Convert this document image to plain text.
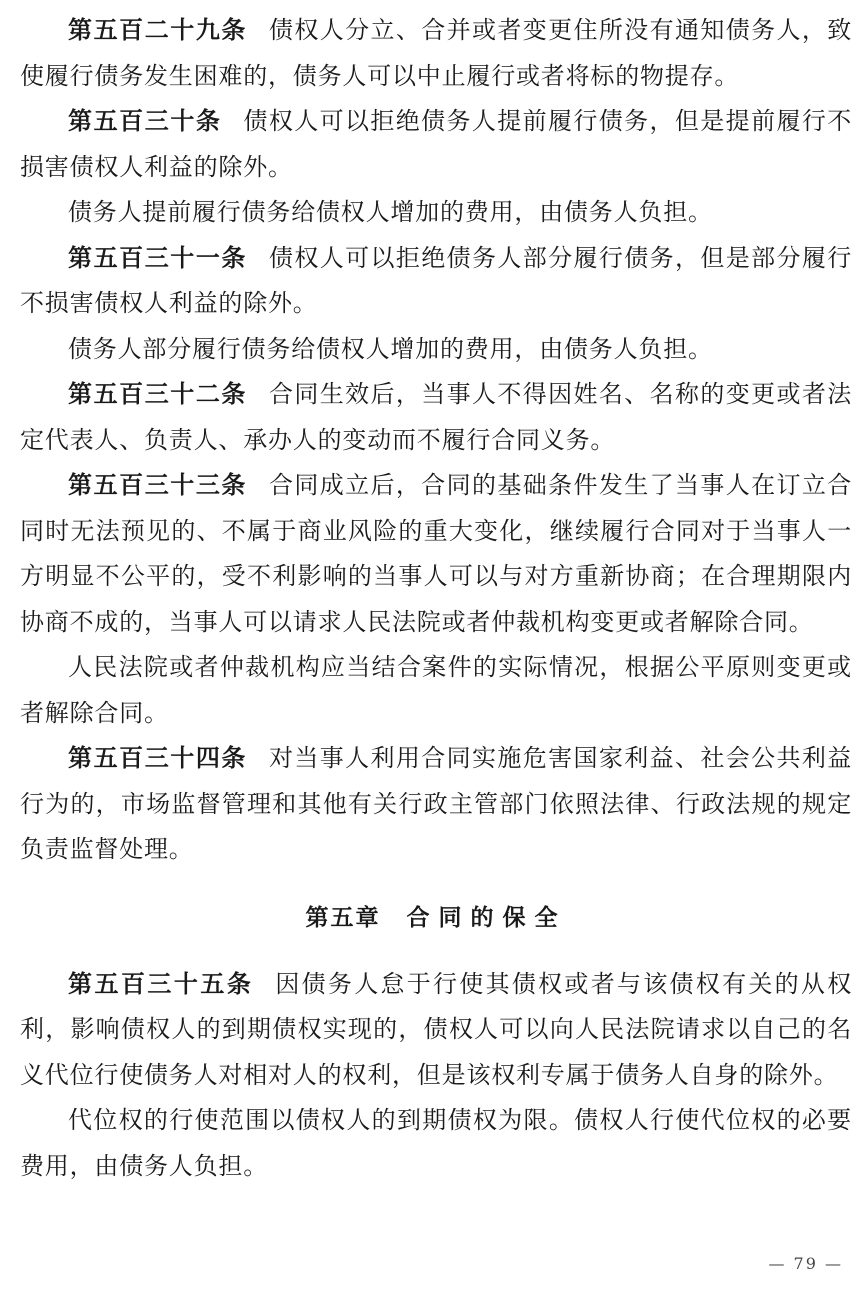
第五百二十九条 债权人分立、合并或者变更住所没有通知债务人，致使履行债务发生困难的，债务人可以中止履行或者将标的物提存。

第五百三十条 债权人可以拒绝债务人提前履行债务，但是提前履行不损害债权人利益的除外。

债务人提前履行债务给债权人增加的费用，由债务人负担。

第五百三十一条 债权人可以拒绝债务人部分履行债务，但是部分履行不损害债权人利益的除外。

债务人部分履行债务给债权人增加的费用，由债务人负担。

第五百三十二条 合同生效后，当事人不得因姓名、名称的变更或者法定代表人、负责人、承办人的变动而不履行合同义务。

第五百三十三条 合同成立后，合同的基础条件发生了当事人在订立合同时无法预见的、不属于商业风险的重大变化，继续履行合同对于当事人一方明显不公平的，受不利影响的当事人可以与对方重新协商；在合理期限内协商不成的，当事人可以请求人民法院或者仲裁机构变更或者解除合同。

人民法院或者仲裁机构应当结合案件的实际情况，根据公平原则变更或者解除合同。

第五百三十四条 对当事人利用合同实施危害国家利益、社会公共利益行为的，市场监督管理和其他有关行政主管部门依照法律、行政法规的规定负责监督处理。

第五章 合同的保全

第五百三十五条 因债务人怠于行使其债权或者与该债权有关的从权利，影响债权人的到期债权实现的，债权人可以向人民法院请求以自己的名义代位行使债务人对相对人的权利，但是该权利专属于债务人自身的除外。

代位权的行使范围以债权人的到期债权为限。债权人行使代位权的必要费用，由债务人负担。

— 79 —
